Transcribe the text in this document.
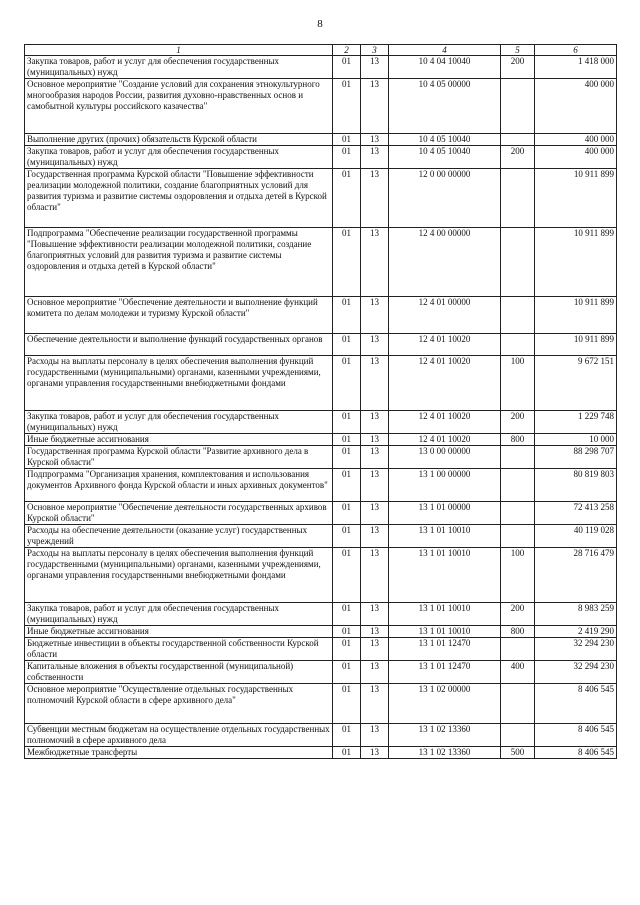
8
1	2	3	4	5	6
Закупка товаров, работ и услуг для обеспечения государственных (муниципальных) нужд	01	13	10 4 04 10040	200	1 418 000
Основное мероприятие "Создание условий для сохранения этнокультурного многообразия народов России, развития духовно-нравственных основ и самобытной культуры российского казачества"	01	13	10 4 05 00000		400 000
Выполнение других (прочих) обязательств Курской области	01	13	10 4 05 10040		400 000
Закупка товаров, работ и услуг для обеспечения государственных (муниципальных) нужд	01	13	10 4 05 10040	200	400 000
Государственная программа Курской области "Повышение эффективности реализации молодежной политики, создание благоприятных условий для развития туризма и развитие системы оздоровления и отдыха детей в Курской области"	01	13	12 0 00 00000		10 911 899
Подпрограмма "Обеспечение реализации государственной программы "Повышение эффективности реализации молодежной политики, создание благоприятных условий для развития туризма и развитие системы оздоровления и отдыха детей в Курской области"	01	13	12 4 00 00000		10 911 899
Основное мероприятие "Обеспечение деятельности и выполнение функций комитета по делам молодежи и туризму Курской области"	01	13	12 4 01 00000		10 911 899
Обеспечение деятельности и выполнение функций государственных органов	01	13	12 4 01 10020		10 911 899
Расходы на выплаты персоналу в целях обеспечения выполнения функций государственными (муниципальными) органами, казенными учреждениями, органами управления государственными внебюджетными фондами	01	13	12 4 01 10020	100	9 672 151
Закупка товаров, работ и услуг для обеспечения государственных (муниципальных) нужд	01	13	12 4 01 10020	200	1 229 748
Иные бюджетные ассигнования	01	13	12 4 01 10020	800	10 000
Государственная программа Курской области "Развитие архивного дела в Курской области"	01	13	13 0 00 00000		88 298 707
Подпрограмма "Организация хранения, комплектования и использования документов Архивного фонда Курской области и иных архивных документов"	01	13	13 1 00 00000		80 819 803
Основное мероприятие "Обеспечение деятельности государственных архивов Курской области"	01	13	13 1 01 00000		72 413 258
Расходы на обеспечение деятельности (оказание услуг) государственных учреждений	01	13	13 1 01 10010		40 119 028
Расходы на выплаты персоналу в целях обеспечения выполнения функций государственными (муниципальными) органами, казенными учреждениями, органами управления государственными внебюджетными фондами	01	13	13 1 01 10010	100	28 716 479
Закупка товаров, работ и услуг для обеспечения государственных (муниципальных) нужд	01	13	13 1 01 10010	200	8 983 259
Иные бюджетные ассигнования	01	13	13 1 01 10010	800	2 419 290
Бюджетные инвестиции в объекты государственной собственности Курской области	01	13	13 1 01 12470		32 294 230
Капитальные вложения в объекты государственной (муниципальной) собственности	01	13	13 1 01 12470	400	32 294 230
Основное мероприятие "Осуществление отдельных государственных полномочий Курской области в сфере архивного дела"	01	13	13 1 02 00000		8 406 545
Субвенции местным бюджетам на осуществление отдельных государственных полномочий в сфере архивного дела	01	13	13 1 02 13360		8 406 545
Межбюджетные трансферты	01	13	13 1 02 13360	500	8 406 545
